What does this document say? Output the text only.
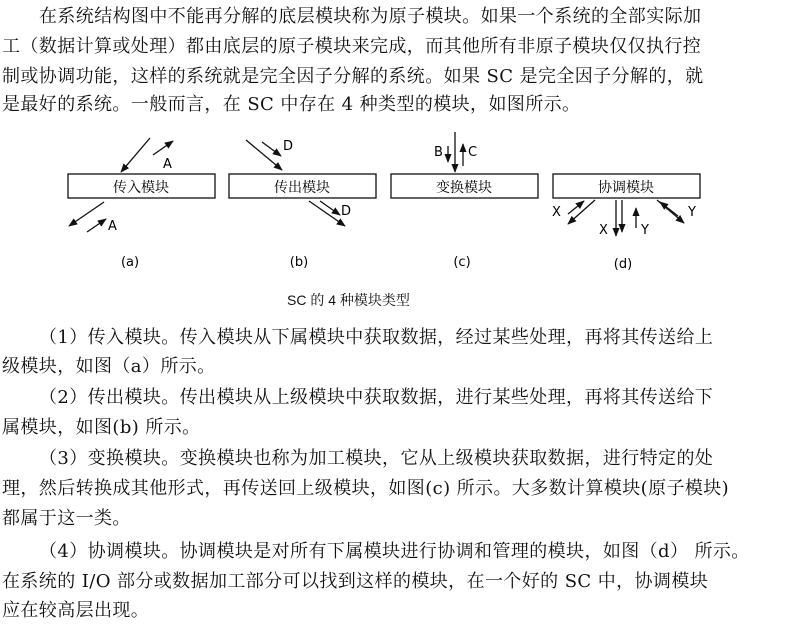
在系统结构图中不能再分解的底层模块称为原子模块。如果一个系统的全部实际加
工（数据计算或处理）都由底层的原子模块来完成，而其他所有非原子模块仅仅执行控
制或协调功能，这样的系统就是完全因子分解的系统。如果 SC 是完全因子分解的，就
是最好的系统。一般而言，在 SC 中存在 4 种类型的模块，如图所示。
传入模块
A
A
(a)
传出模块
D
D
(b)
变换模块
B C
(c)
协调模块
X
X	Y
Y
(d)
SC 的 4 种模块类型
（1）传入模块。传入模块从下属模块中获取数据，经过某些处理，再将其传送给上
级模块，如图（a）所示。
（2）传出模块。传出模块从上级模块中获取数据，进行某些处理，再将其传送给下
属模块，如图(b) 所示。
（3）变换模块。变换模块也称为加工模块，它从上级模块获取数据，进行特定的处
理，然后转换成其他形式，再传送回上级模块，如图(c) 所示。大多数计算模块(原子模块)
都属于这一类。
（4）协调模块。协调模块是对所有下属模块进行协调和管理的模块，如图（d） 所示。
在系统的 I/O 部分或数据加工部分可以找到这样的模块，在一个好的 SC 中，协调模块
应在较高层出现。
